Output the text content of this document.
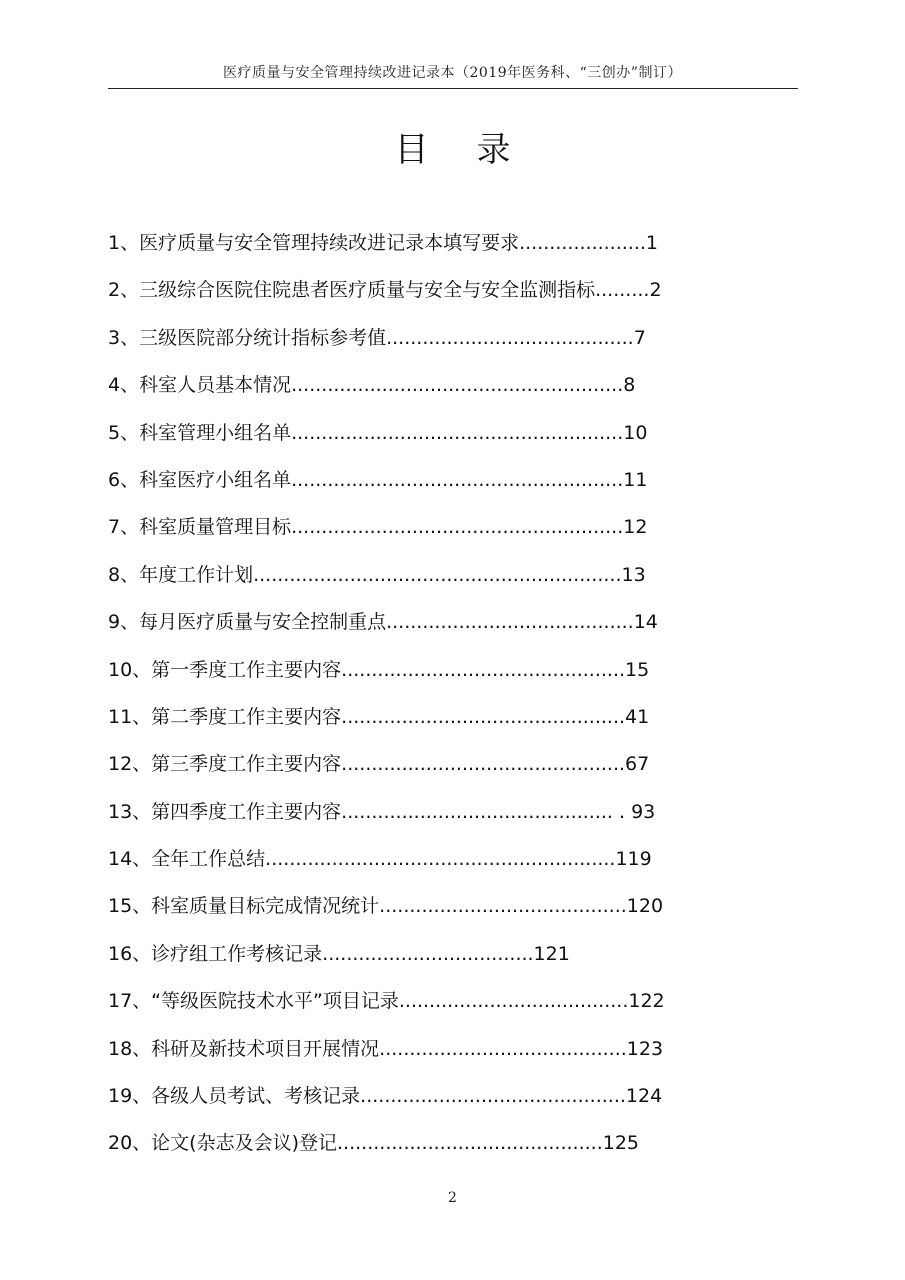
医疗质量与安全管理持续改进记录本（2019年医务科、“三创办”制订）
目 录
1、医疗质量与安全管理持续改进记录本填写要求.....................1
2、三级综合医院住院患者医疗质量与安全与安全监测指标.........2
3、三级医院部分统计指标参考值.........................................7
4、科室人员基本情况.......................................................8
5、科室管理小组名单.......................................................10
6、科室医疗小组名单.......................................................11
7、科室质量管理目标.......................................................12
8、年度工作计划.............................................................13
9、每月医疗质量与安全控制重点.........................................14
10、第一季度工作主要内容...............................................15
11、第二季度工作主要内容...............................................41
12、第三季度工作主要内容...............................................67
13、第四季度工作主要内容............................................. . 93
14、全年工作总结..........................................................119
15、科室质量目标完成情况统计.........................................120
16、诊疗组工作考核记录...................................121
17、“等级医院技术水平”项目记录......................................122
18、科研及新技术项目开展情况.........................................123
19、各级人员考试、考核记录............................................124
20、论文(杂志及会议)登记............................................125
2
